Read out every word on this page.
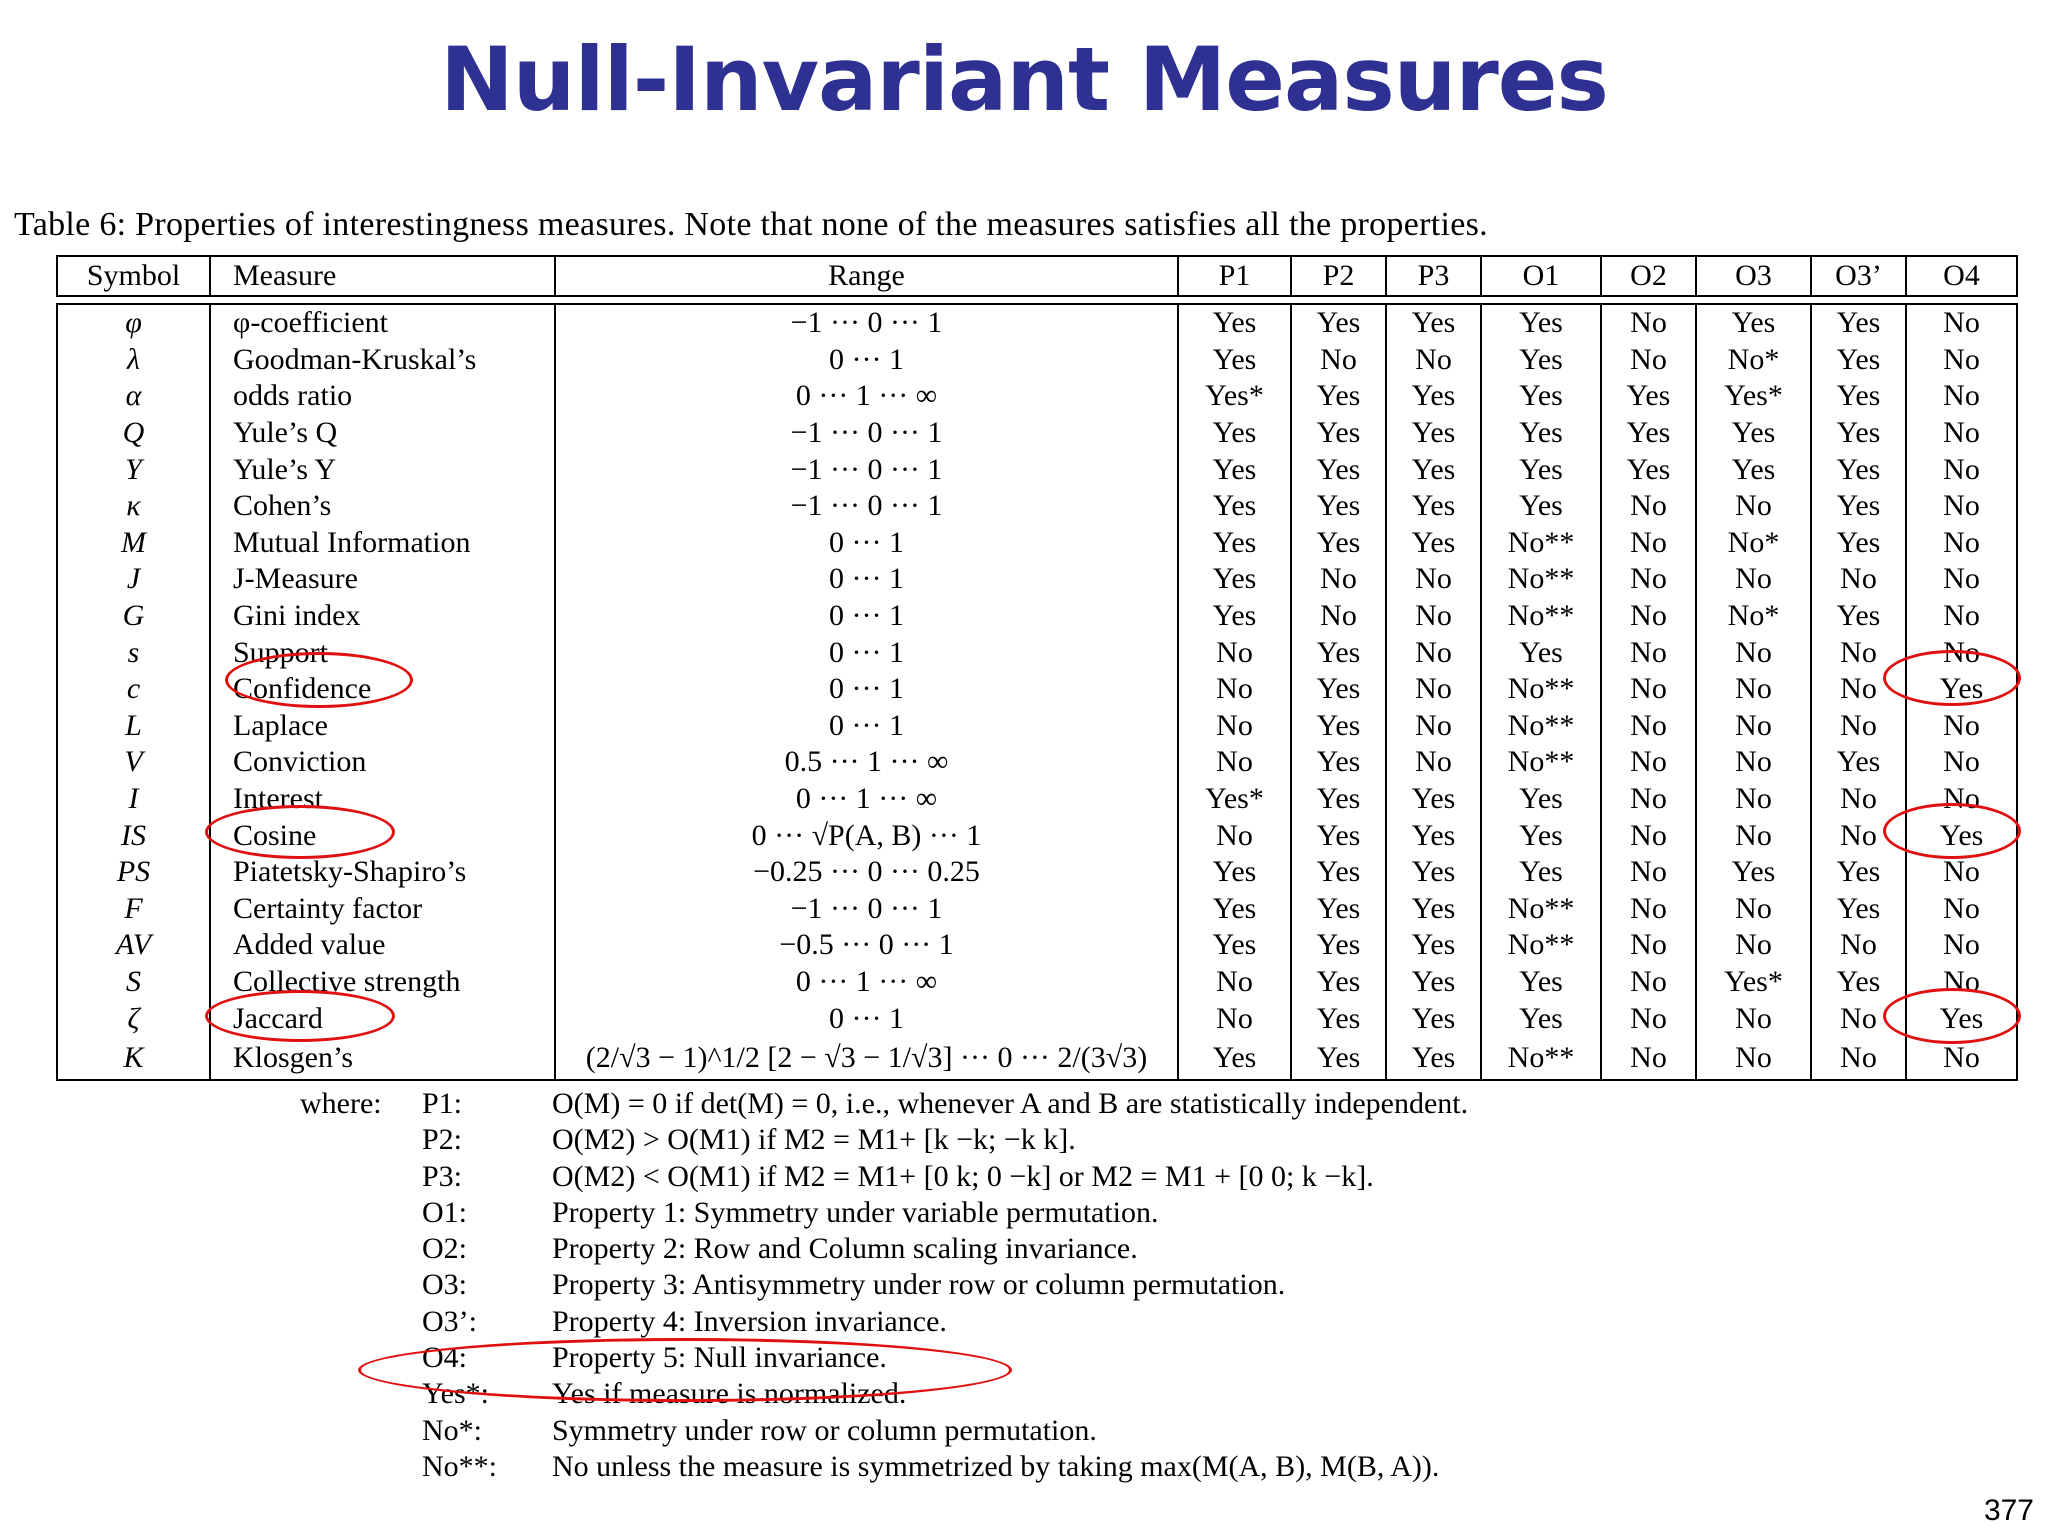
Null-Invariant Measures
Table 6: Properties of interestingness measures. Note that none of the measures satisfies all the properties.
Symbol	Measure	Range	P1	P2	P3	O1	O2	O3	O3’	O4

φ	φ-coefficient	−1 ··· 0 ··· 1	Yes	Yes	Yes	Yes	No	Yes	Yes	No
λ	Goodman-Kruskal’s	0 ··· 1	Yes	No	No	Yes	No	No*	Yes	No
α	odds ratio	0 ··· 1 ··· ∞	Yes*	Yes	Yes	Yes	Yes	Yes*	Yes	No
Q	Yule’s Q	−1 ··· 0 ··· 1	Yes	Yes	Yes	Yes	Yes	Yes	Yes	No
Y	Yule’s Y	−1 ··· 0 ··· 1	Yes	Yes	Yes	Yes	Yes	Yes	Yes	No
κ	Cohen’s	−1 ··· 0 ··· 1	Yes	Yes	Yes	Yes	No	No	Yes	No
M	Mutual Information	0 ··· 1	Yes	Yes	Yes	No**	No	No*	Yes	No
J	J-Measure	0 ··· 1	Yes	No	No	No**	No	No	No	No
G	Gini index	0 ··· 1	Yes	No	No	No**	No	No*	Yes	No
s	Support	0 ··· 1	No	Yes	No	Yes	No	No	No	No
c	Confidence	0 ··· 1	No	Yes	No	No**	No	No	No	Yes
L	Laplace	0 ··· 1	No	Yes	No	No**	No	No	No	No
V	Conviction	0.5 ··· 1 ··· ∞	No	Yes	No	No**	No	No	Yes	No
I	Interest	0 ··· 1 ··· ∞	Yes*	Yes	Yes	Yes	No	No	No	No
IS	Cosine	0 ··· √P(A, B) ··· 1	No	Yes	Yes	Yes	No	No	No	Yes
PS	Piatetsky-Shapiro’s	−0.25 ··· 0 ··· 0.25	Yes	Yes	Yes	Yes	No	Yes	Yes	No
F	Certainty factor	−1 ··· 0 ··· 1	Yes	Yes	Yes	No**	No	No	Yes	No
AV	Added value	−0.5 ··· 0 ··· 1	Yes	Yes	Yes	No**	No	No	No	No
S	Collective strength	0 ··· 1 ··· ∞	No	Yes	Yes	Yes	No	Yes*	Yes	No
ζ	Jaccard	0 ··· 1	No	Yes	Yes	Yes	No	No	No	Yes
K	Klosgen’s	(2/√3 − 1)^1/2 [2 − √3 − 1/√3] ··· 0 ··· 2/(3√3)	Yes	Yes	Yes	No**	No	No	No	No
where:	P1:	O(M) = 0 if det(M) = 0, i.e., whenever A and B are statistically independent.
P2:	O(M2) > O(M1) if M2 = M1+ [k −k; −k k].
P3:	O(M2) < O(M1) if M2 = M1+ [0 k; 0 −k] or M2 = M1 + [0 0; k −k].
O1:	Property 1: Symmetry under variable permutation.
O2:	Property 2: Row and Column scaling invariance.
O3:	Property 3: Antisymmetry under row or column permutation.
O3’:	Property 4: Inversion invariance.
O4:	Property 5: Null invariance.
Yes*:	Yes if measure is normalized.
No*:	Symmetry under row or column permutation.
No**:	No unless the measure is symmetrized by taking max(M(A, B), M(B, A)).
377
